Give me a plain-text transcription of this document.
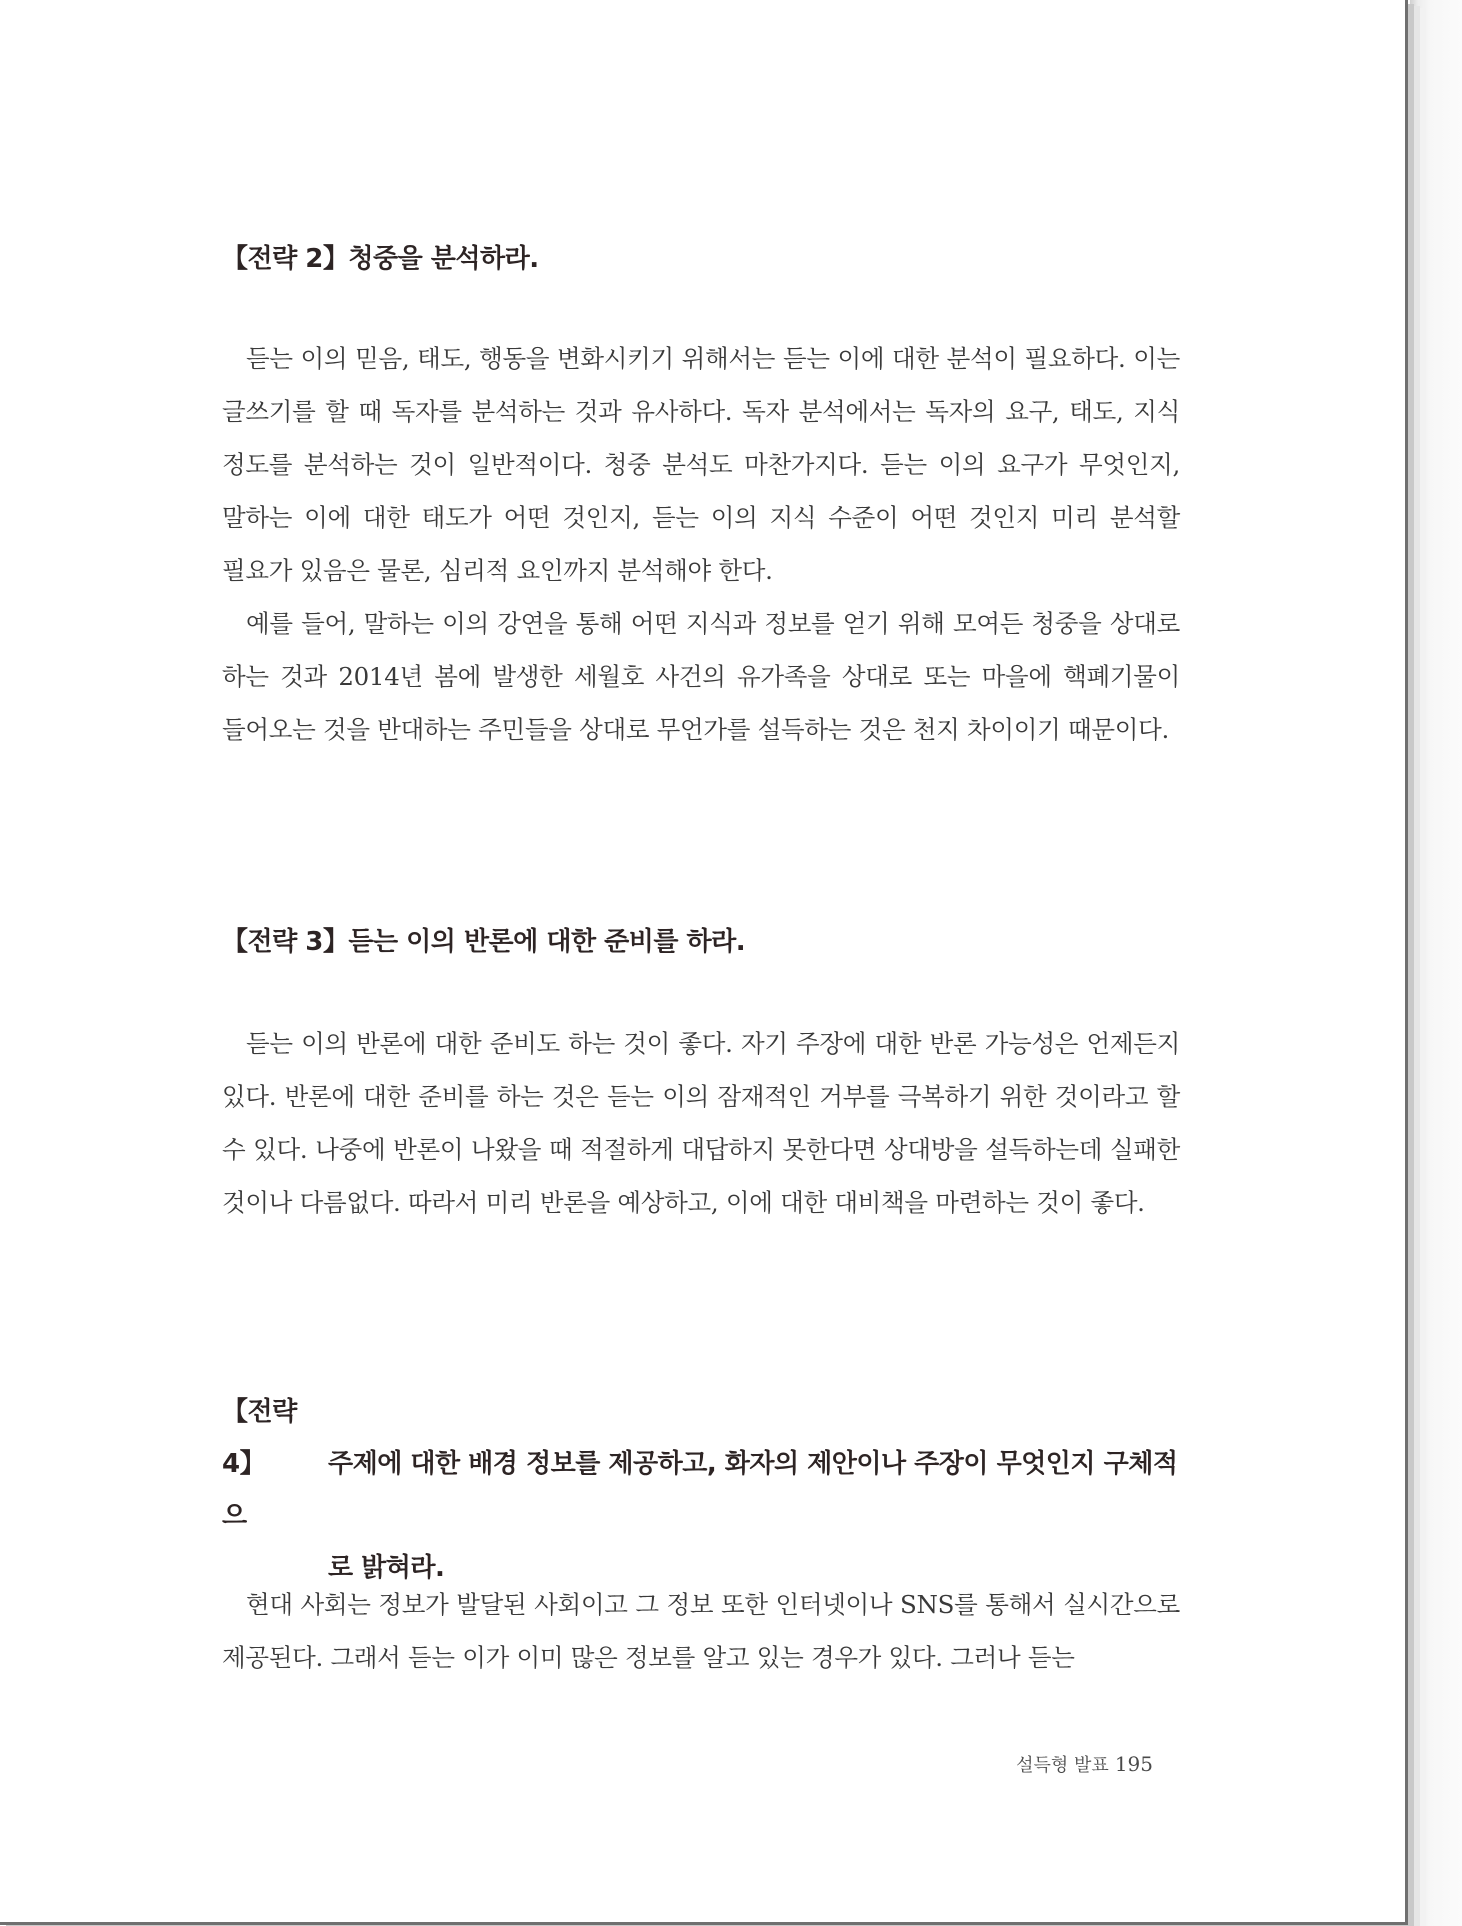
【전략 2】청중을 분석하라.

듣는 이의 믿음, 태도, 행동을 변화시키기 위해서는 듣는 이에 대한 분석이 필요하다. 이는 글쓰기를 할 때 독자를 분석하는 것과 유사하다. 독자 분석에서는 독자의 요구, 태도, 지식 정도를 분석하는 것이 일반적이다. 청중 분석도 마찬가지다. 듣는 이의 요구가 무엇인지, 말하는 이에 대한 태도가 어떤 것인지, 듣는 이의 지식 수준이 어떤 것인지 미리 분석할 필요가 있음은 물론, 심리적 요인까지 분석해야 한다.

예를 들어, 말하는 이의 강연을 통해 어떤 지식과 정보를 얻기 위해 모여든 청중을 상대로 하는 것과 2014년 봄에 발생한 세월호 사건의 유가족을 상대로 또는 마을에 핵폐기물이 들어오는 것을 반대하는 주민들을 상대로 무언가를 설득하는 것은 천지 차이이기 때문이다.

【전략 3】듣는 이의 반론에 대한 준비를 하라.

듣는 이의 반론에 대한 준비도 하는 것이 좋다. 자기 주장에 대한 반론 가능성은 언제든지 있다. 반론에 대한 준비를 하는 것은 듣는 이의 잠재적인 거부를 극복하기 위한 것이라고 할 수 있다. 나중에 반론이 나왔을 때 적절하게 대답하지 못한다면 상대방을 설득하는데 실패한 것이나 다름없다. 따라서 미리 반론을 예상하고, 이에 대한 대비책을 마련하는 것이 좋다.

【전략 4】 주제에 대한 배경 정보를 제공하고, 화자의 제안이나 주장이 무엇인지 구체적으
로 밝혀라.

현대 사회는 정보가 발달된 사회이고 그 정보 또한 인터넷이나 SNS를 통해서 실시간으로 제공된다. 그래서 듣는 이가 이미 많은 정보를 알고 있는 경우가 있다. 그러나 듣는

설득형 발표 195
